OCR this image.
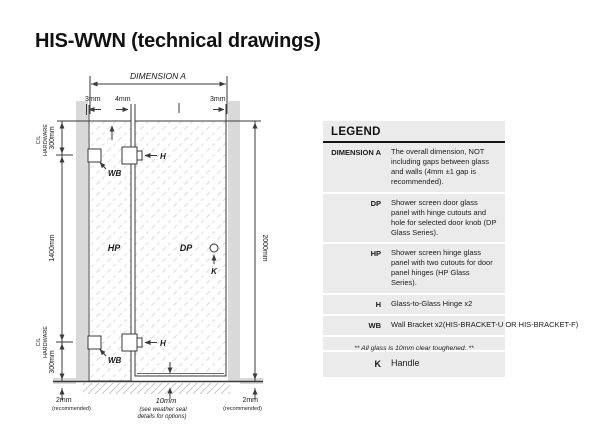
HIS-WWN (technical drawings)
DIMENSION A
3mm 4mm	3mm
300mm
C/L HARDWARE
1400mm
C/L HARDWARE
300mm
2mm
(recommended)
2000mm
2mm
(recommended)
10mm
(see weather seal
details for options)
WB
WB
H
H
HP	DP
K
LEGEND
DIMENSION A The overall dimension, NOT including gaps between glass and walls (4mm ±1 gap is recommended).
DP Shower screen door glass panel with hinge cutouts and hole for selected door knob (DP Glass Series).
HP Shower screen hinge glass panel with two cutouts for door panel hinges (HP Glass Series).
H Glass-to-Glass Hinge x2
WB Wall Bracket x2(HIS-BRACKET-U OR HIS-BRACKET-F)
K Handle
** All glass is 10mm clear toughened. **
